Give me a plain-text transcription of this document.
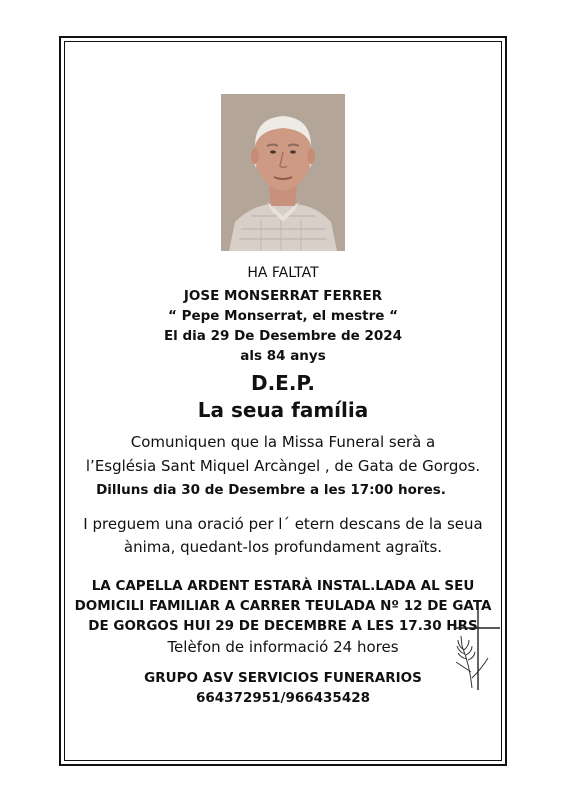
HA FALTAT
JOSE MONSERRAT FERRER
“ Pepe Monserrat, el mestre “
El dia 29 De Desembre de 2024
als 84 anys
D.E.P.
La seua família
Comuniquen que la Missa Funeral serà a
l’Església Sant Miquel Arcàngel , de Gata de Gorgos.
Dilluns dia 30 de Desembre a les 17:00 hores.
I preguem una oració per l´ etern descans de la seua
ànima, quedant-los profundament agraïts.
LA CAPELLA ARDENT ESTARÀ INSTAL.LADA AL SEU
DOMICILI FAMILIAR A CARRER TEULADA Nº 12 DE GATA
DE GORGOS HUI 29 DE DECEMBRE A LES 17.30 HRS
Telèfon de informació 24 hores
GRUPO ASV SERVICIOS FUNERARIOS
664372951/966435428
